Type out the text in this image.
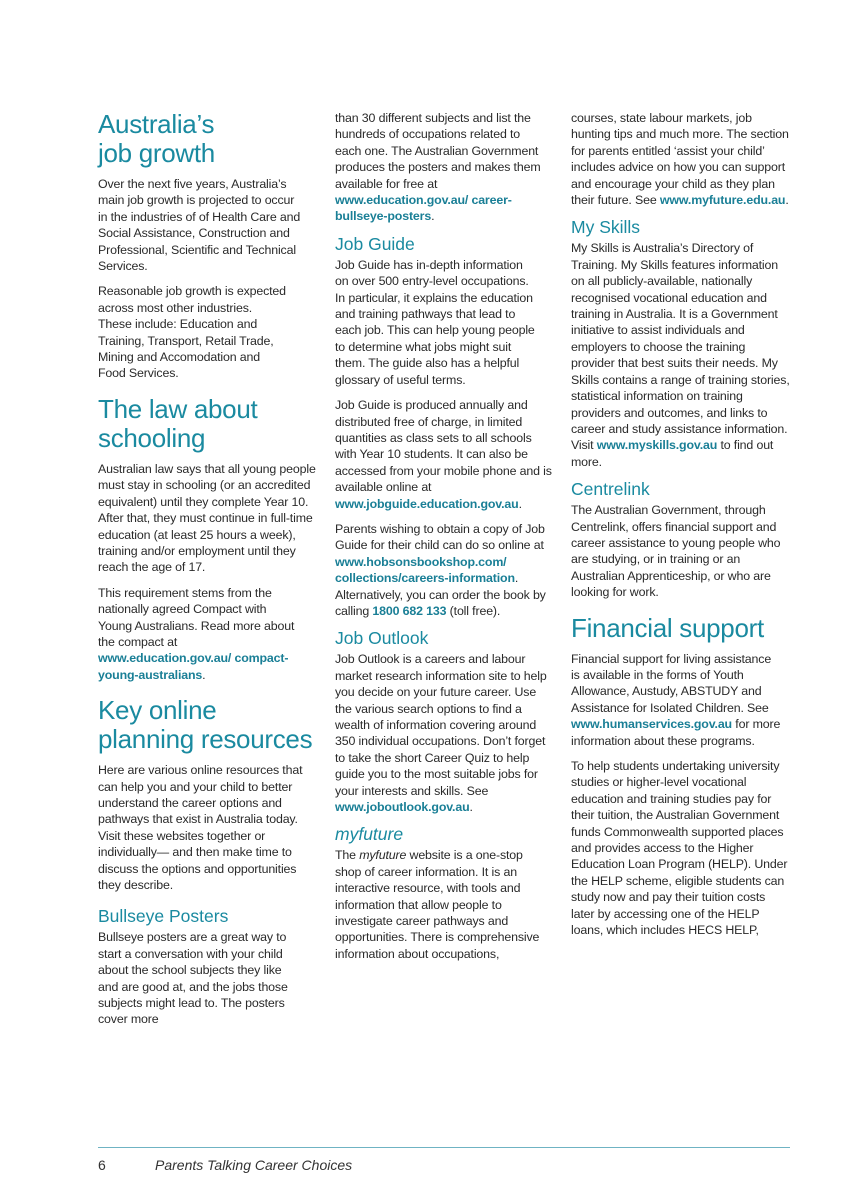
Australia’s job growth

Over the next five years, Australia’s main job growth is projected to occur in the industries of of Health Care and Social Assistance, Construction and Professional, Scientific and Technical Services.

Reasonable job growth is expected across most other industries. These include: Education and Training, Transport, Retail Trade, Mining and Accomodation and Food Services.

The law about schooling

Australian law says that all young people must stay in schooling (or an accredited equivalent) until they complete Year 10. After that, they must continue in full-time education (at least 25 hours a week), training and/or employment until they reach the age of 17.

This requirement stems from the nationally agreed Compact with Young Australians. Read more about the compact at www.education.gov.au/ compact-young-australians.

Key online planning resources

Here are various online resources that can help you and your child to better understand the career options and pathways that exist in Australia today. Visit these websites together or individually— and then make time to discuss the options and opportunities they describe.

Bullseye Posters

Bullseye posters are a great way to start a conversation with your child about the school subjects they like and are good at, and the jobs those subjects might lead to. The posters cover more

than 30 different subjects and list the hundreds of occupations related to each one. The Australian Government produces the posters and makes them available for free at www.education.gov.au/ career-bullseye-posters.

Job Guide

Job Guide has in-depth information on over 500 entry-level occupations. In particular, it explains the education and training pathways that lead to each job. This can help young people to determine what jobs might suit them. The guide also has a helpful glossary of useful terms.

Job Guide is produced annually and distributed free of charge, in limited quantities as class sets to all schools with Year 10 students. It can also be accessed from your mobile phone and is available online at www.jobguide.education.gov.au.

Parents wishing to obtain a copy of Job Guide for their child can do so online at www.hobsonsbookshop.com/ collections/careers-information. Alternatively, you can order the book by calling 1800 682 133 (toll free).

Job Outlook

Job Outlook is a careers and labour market research information site to help you decide on your future career. Use the various search options to find a wealth of information covering around 350 individual occupations. Don’t forget to take the short Career Quiz to help guide you to the most suitable jobs for your interests and skills. See www.joboutlook.gov.au.

myfuture

The myfuture website is a one-stop shop of career information. It is an interactive resource, with tools and information that allow people to investigate career pathways and opportunities. There is comprehensive information about occupations,

courses, state labour markets, job hunting tips and much more. The section for parents entitled ‘assist your child’ includes advice on how you can support and encourage your child as they plan their future. See www.myfuture.edu.au.

My Skills

My Skills is Australia’s Directory of Training. My Skills features information on all publicly-available, nationally recognised vocational education and training in Australia. It is a Government initiative to assist individuals and employers to choose the training provider that best suits their needs. My Skills contains a range of training stories, statistical information on training providers and outcomes, and links to career and study assistance information. Visit www.myskills.gov.au to find out more.

Centrelink

The Australian Government, through Centrelink, offers financial support and career assistance to young people who are studying, or in training or an Australian Apprenticeship, or who are looking for work.

Financial support

Financial support for living assistance is available in the forms of Youth Allowance, Austudy, ABSTUDY and Assistance for Isolated Children. See www.humanservices.gov.au for more information about these programs.

To help students undertaking university studies or higher-level vocational education and training studies pay for their tuition, the Australian Government funds Commonwealth supported places and provides access to the Higher Education Loan Program (HELP). Under the HELP scheme, eligible students can study now and pay their tuition costs later by accessing one of the HELP loans, which includes HECS HELP,

6	Parents Talking Career Choices
